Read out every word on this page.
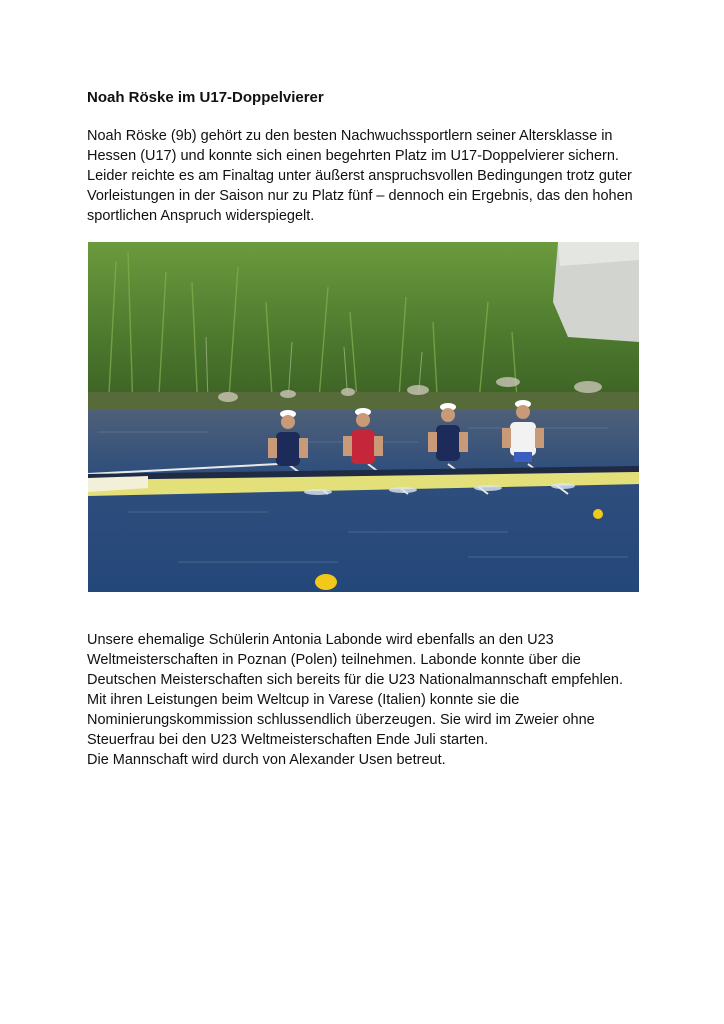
Noah Röske im U17-Doppelvierer

Noah Röske (9b) gehört zu den besten Nachwuchssportlern seiner Altersklasse in
Hessen (U17) und konnte sich einen begehrten Platz im U17-Doppelvierer sichern.
Leider reichte es am Finaltag unter äußerst anspruchsvollen Bedingungen trotz guter
Vorleistungen in der Saison nur zu Platz fünf – dennoch ein Ergebnis, das den hohen
sportlichen Anspruch widerspiegelt.

Unsere ehemalige Schülerin Antonia Labonde wird ebenfalls an den U23
Weltmeisterschaften in Poznan (Polen) teilnehmen. Labonde konnte über die
Deutschen Meisterschaften sich bereits für die U23 Nationalmannschaft empfehlen.
Mit ihren Leistungen beim Weltcup in Varese (Italien) konnte sie die
Nominierungskommission schlussendlich überzeugen. Sie wird im Zweier ohne
Steuerfrau bei den U23 Weltmeisterschaften Ende Juli starten.
Die Mannschaft wird durch von Alexander Usen betreut.
